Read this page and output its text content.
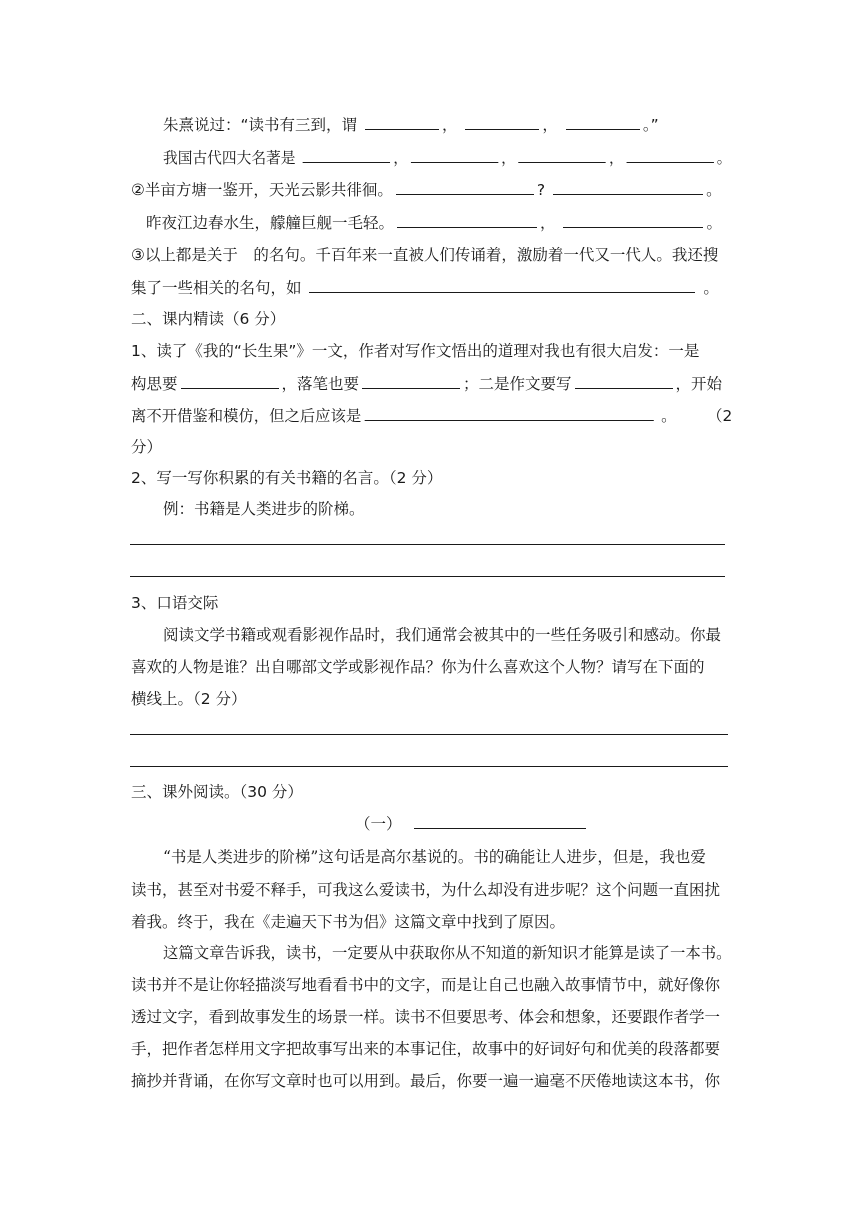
朱熹说过：“读书有三到，谓	，	，	。”
我国古代四大名著是	，	，	，	。
②半亩方塘一鉴开，天光云影共徘徊。	?	。
昨夜江边春水生，艨艟巨舰一毛轻。	，	。
③以上都是关于　的名句。千百年来一直被人们传诵着，激励着一代又一代人。我还搜
集了一些相关的名句，如	。
二、课内精读（6 分）
1、读了《我的“长生果”》一文，作者对写作文悟出的道理对我也有很大启发：一是
构思要	，落笔也要	；二是作文要写	，开始
离不开借鉴和模仿，但之后应该是	。 （2
分）
2、写一写你积累的有关书籍的名言。（2 分）
例：书籍是人类进步的阶梯。
3、口语交际
阅读文学书籍或观看影视作品时，我们通常会被其中的一些任务吸引和感动。你最
喜欢的人物是谁？出自哪部文学或影视作品？你为什么喜欢这个人物？请写在下面的
横线上。（2 分）
三、课外阅读。（30 分）
（一）
“书是人类进步的阶梯”这句话是高尔基说的。书的确能让人进步，但是，我也爱
读书，甚至对书爱不释手，可我这么爱读书，为什么却没有进步呢？这个问题一直困扰
着我。终于，我在《走遍天下书为侣》这篇文章中找到了原因。
这篇文章告诉我，读书，一定要从中获取你从不知道的新知识才能算是读了一本书。
读书并不是让你轻描淡写地看看书中的文字，而是让自己也融入故事情节中，就好像你
透过文字，看到故事发生的场景一样。读书不但要思考、体会和想象，还要跟作者学一
手，把作者怎样用文字把故事写出来的本事记住，故事中的好词好句和优美的段落都要
摘抄并背诵，在你写文章时也可以用到。最后，你要一遍一遍毫不厌倦地读这本书，你
